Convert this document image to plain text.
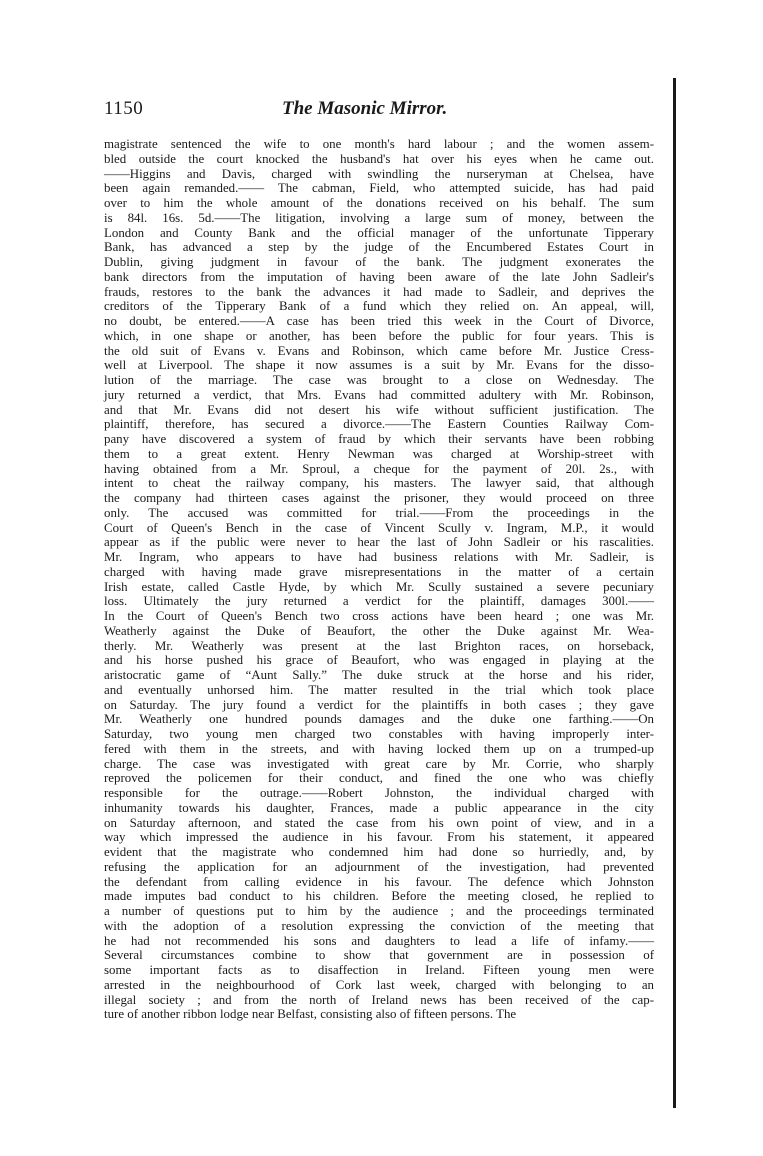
1150	The Masonic Mirror.
magistrate sentenced the wife to one month's hard labour ; and the women assem-
bled outside the court knocked the husband's hat over his eyes when he came out.
——Higgins and Davis, charged with swindling the nurseryman at Chelsea, have
been again remanded.—— The cabman, Field, who attempted suicide, has had paid
over to him the whole amount of the donations received on his behalf. The sum
is 84l. 16s. 5d.——The litigation, involving a large sum of money, between the
London and County Bank and the official manager of the unfortunate Tipperary
Bank, has advanced a step by the judge of the Encumbered Estates Court in
Dublin, giving judgment in favour of the bank. The judgment exonerates the
bank directors from the imputation of having been aware of the late John Sadleir's
frauds, restores to the bank the advances it had made to Sadleir, and deprives the
creditors of the Tipperary Bank of a fund which they relied on. An appeal, will,
no doubt, be entered.——A case has been tried this week in the Court of Divorce,
which, in one shape or another, has been before the public for four years. This is
the old suit of Evans v. Evans and Robinson, which came before Mr. Justice Cress-
well at Liverpool. The shape it now assumes is a suit by Mr. Evans for the disso-
lution of the marriage. The case was brought to a close on Wednesday. The
jury returned a verdict, that Mrs. Evans had committed adultery with Mr. Robinson,
and that Mr. Evans did not desert his wife without sufficient justification. The
plaintiff, therefore, has secured a divorce.——The Eastern Counties Railway Com-
pany have discovered a system of fraud by which their servants have been robbing
them to a great extent. Henry Newman was charged at Worship-street with
having obtained from a Mr. Sproul, a cheque for the payment of 20l. 2s., with
intent to cheat the railway company, his masters. The lawyer said, that although
the company had thirteen cases against the prisoner, they would proceed on three
only. The accused was committed for trial.——From the proceedings in the
Court of Queen's Bench in the case of Vincent Scully v. Ingram, M.P., it would
appear as if the public were never to hear the last of John Sadleir or his rascalities.
Mr. Ingram, who appears to have had business relations with Mr. Sadleir, is
charged with having made grave misrepresentations in the matter of a certain
Irish estate, called Castle Hyde, by which Mr. Scully sustained a severe pecuniary
loss. Ultimately the jury returned a verdict for the plaintiff, damages 300l.——
In the Court of Queen's Bench two cross actions have been heard ; one was Mr.
Weatherly against the Duke of Beaufort, the other the Duke against Mr. Wea-
therly. Mr. Weatherly was present at the last Brighton races, on horseback,
and his horse pushed his grace of Beaufort, who was engaged in playing at the
aristocratic game of “Aunt Sally.” The duke struck at the horse and his rider,
and eventually unhorsed him. The matter resulted in the trial which took place
on Saturday. The jury found a verdict for the plaintiffs in both cases ; they gave
Mr. Weatherly one hundred pounds damages and the duke one farthing.——On
Saturday, two young men charged two constables with having improperly inter-
fered with them in the streets, and with having locked them up on a trumped-up
charge. The case was investigated with great care by Mr. Corrie, who sharply
reproved the policemen for their conduct, and fined the one who was chiefly
responsible for the outrage.——Robert Johnston, the individual charged with
inhumanity towards his daughter, Frances, made a public appearance in the city
on Saturday afternoon, and stated the case from his own point of view, and in a
way which impressed the audience in his favour. From his statement, it appeared
evident that the magistrate who condemned him had done so hurriedly, and, by
refusing the application for an adjournment of the investigation, had prevented
the defendant from calling evidence in his favour. The defence which Johnston
made imputes bad conduct to his children. Before the meeting closed, he replied to
a number of questions put to him by the audience ; and the proceedings terminated
with the adoption of a resolution expressing the conviction of the meeting that
he had not recommended his sons and daughters to lead a life of infamy.——
Several circumstances combine to show that government are in possession of
some important facts as to disaffection in Ireland. Fifteen young men were
arrested in the neighbourhood of Cork last week, charged with belonging to an
illegal society ; and from the north of Ireland news has been received of the cap-
ture of another ribbon lodge near Belfast, consisting also of fifteen persons. The
